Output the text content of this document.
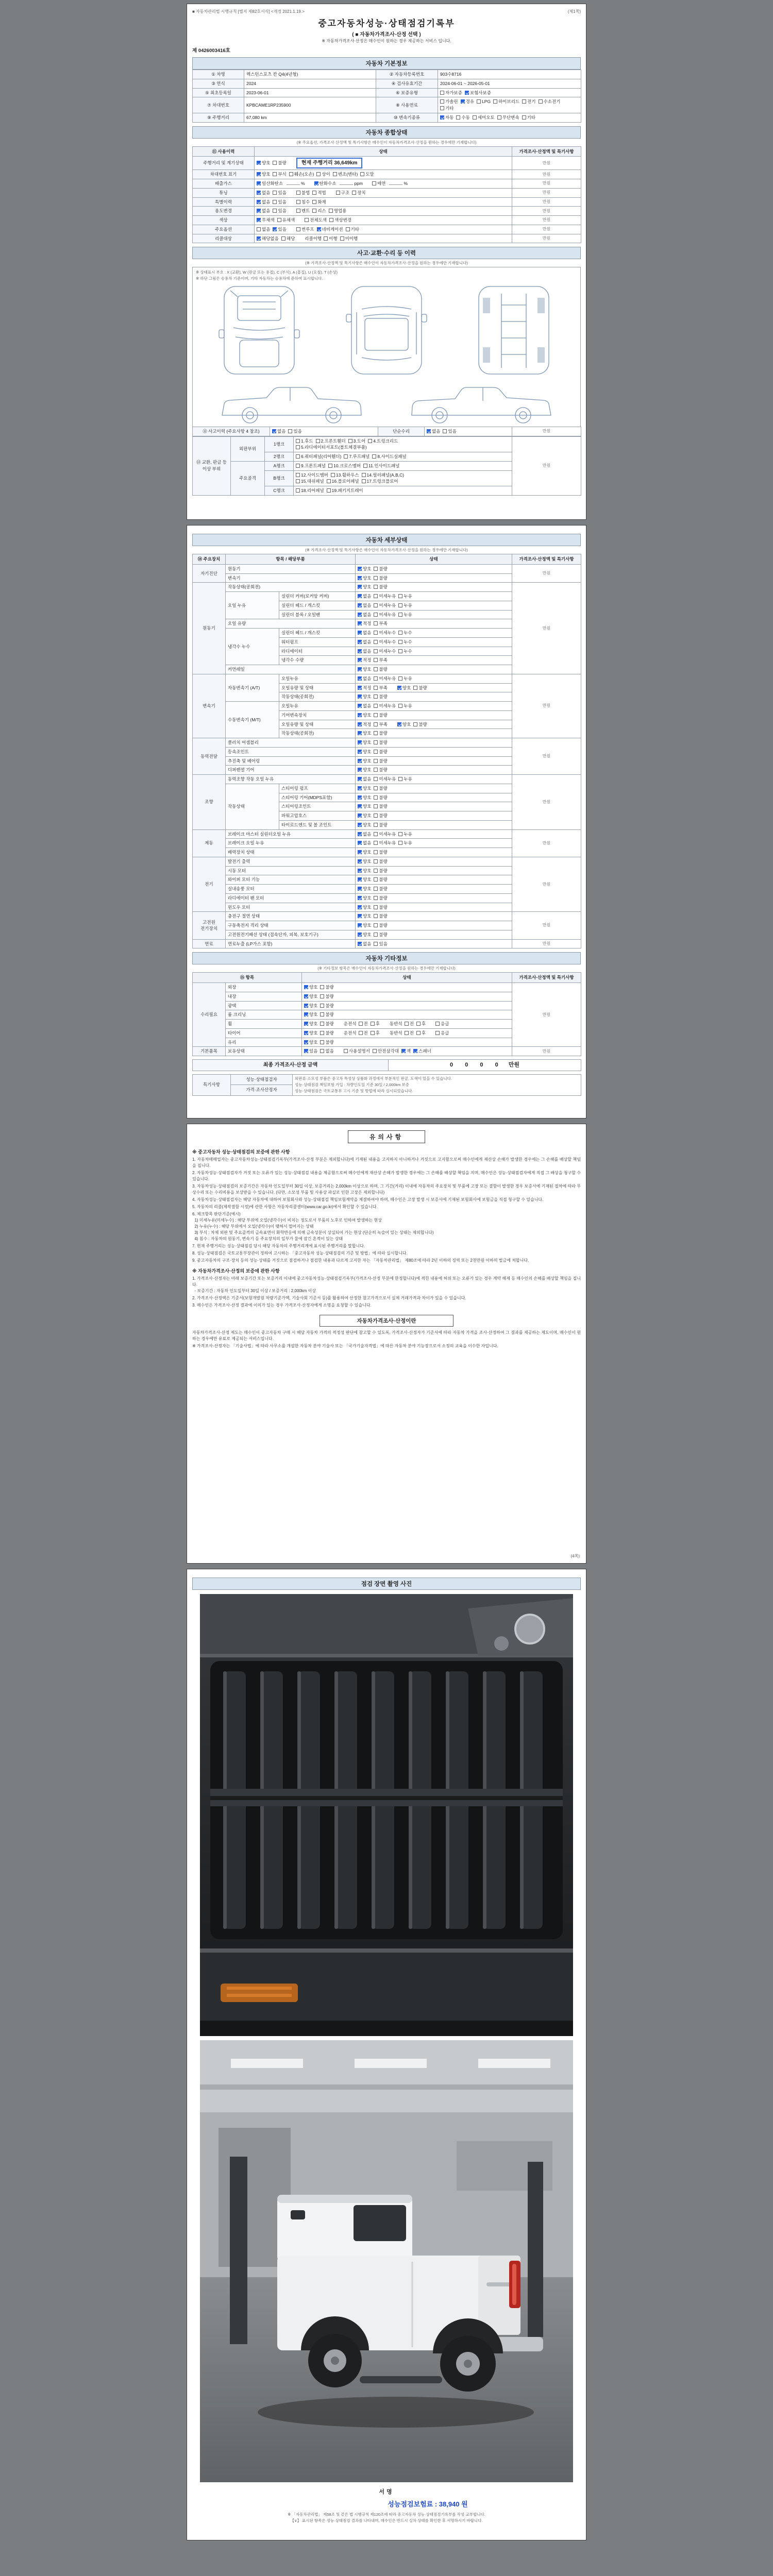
■ 자동차관리법 시행규칙 [별지 제82호서식] <개정 2021.1.19.>	(제1쪽)
중고자동차성능·상태점검기록부
( ■ 자동차가격조사·산정 선택 )
※ 자동차가격조사·산정은 매수인이 원하는 경우 제공하는 서비스 입니다.
제 0426003416호
자동차 기본정보
① 차명	렉스턴스포츠 칸 Q4(4년형)	② 자동차등록번호	903수8716
③ 연식	2024	④ 검사유효기간	2024-06-01 ~ 2026-05-01
⑤ 최초등록일	2023-06-01	⑥ 보증유형	자가보증 보험사보증
⑦ 차대번호	KPBCAME1RP235900	⑧ 사용연료	가솔린 경유 LPG 하이브리드 전기 수소전기기타
⑨ 주행거리	67,080 km	⑩ 변속기종류	자동 수동 세미오토 무단변속 기타
자동차 종합상태
(※ 주요옵션, 가격조사·산정액 및 특기사항은 매수인이 자동차가격조사·산정을 원하는 경우에만 기재합니다)
⑪ 사용이력	상태	가격조사·산정액 및 특기사항
주행거리 및 계기상태	양호 불량 현재 주행거리 36,649km	만원
차대번호 표기	양호 부식 훼손(오손) 상이 변조(변타) 도말	만원
배출가스	일산화탄소 % 탄화수소 ppm 매연 %	만원
튜닝	없음 있음 불법 적법 구조 장치	만원
특별이력	없음 있음 침수 화재	만원
용도변경	없음 있음 렌트 리스 영업용	만원
색상	무채색 유채색 전체도색 색상변경	만원
주요옵션	없음 있음 썬루프 네비게이션 기타	만원
리콜대상	해당없음 해당 리콜이행 이행 미이행	만원
사고·교환·수리 등 이력
(※ 가격조사·산정액 및 특기사항은 매수인이 자동차가격조사·산정을 원하는 경우에만 기재합니다)
※ 상태표시 부호 : X (교환), W (판금 또는 용접), C (부식), A (흠집), U (요철), T (손상)
※ 하단 그림은 승용차 기준이며, 기타 자동차는 승용차에 준하여 표시합니다.
⑫ 사고이력 (주요사항 4 참조)	없음 있음	단순수리	없음 있음	만원
⑬ 교환, 판금 등 이상 부위	외판부위	1랭크	1.후드 2.프론트휀더 3.도어 4.트렁크리드
5.라디에이터서포트(볼트체결부품)	만원
		2랭크	6.쿼터패널(리어휀더) 7.루프패널 8.사이드실패널	
	주요골격	A랭크	9.프론트패널 10.크로스멤버 11.인사이드패널	
		B랭크	12.사이드멤버 13.휠하우스 14.필러패널(A,B,C)
15.대쉬패널 16.플로어패널 17.트렁크플로어	
		C랭크	18.리어패널 19.패키지트레이	
자동차 세부상태
(※ 가격조사·산정액 및 특기사항은 매수인이 자동차가격조사·산정을 원하는 경우에만 기재합니다)
⑭ 주요장치	항목 / 해당부품		상태	가격조사·산정액 및 특기사항
자기진단	원동기		양호 불량	만원
	변속기		양호 불량	
원동기	작동상태(공회전)		양호 불량	만원
	오일 누유	실린더 커버(로커암 커버)	없음 미세누유 누유	
		실린더 헤드 / 개스킷	없음 미세누유 누유	
		실린더 블록 / 오일팬	없음 미세누유 누유	
	오일 유량		적정 부족	
	냉각수 누수	실린더 헤드 / 개스킷	없음 미세누수 누수	
		워터펌프	없음 미세누수 누수	
		라디에이터	없음 미세누수 누수	
		냉각수 수량	적정 부족	
	커먼레일		양호 불량	
변속기	자동변속기 (A/T)	오일누유	없음 미세누유 누유	만원
		오일유량 및 상태	적정 부족 양호 불량	
		작동상태(공회전)	양호 불량	
	수동변속기 (M/T)	오일누유	없음 미세누유 누유	
		기어변속장치	양호 불량	
		오일유량 및 상태	적정 부족 양호 불량	
		작동상태(공회전)	양호 불량	
동력전달	클러치 어셈블리		양호 불량	만원
	등속조인트		양호 불량	
	추진축 및 베어링		양호 불량	
	디퍼렌셜 기어		양호 불량	
조향	동력조향 작동 오일 누유		없음 미세누유 누유	만원
	작동상태	스티어링 펌프	양호 불량	
		스티어링 기어(MDPS포함)	양호 불량	
		스티어링조인트	양호 불량	
		파워고압호스	양호 불량	
		타이로드엔드 및 볼 조인트	양호 불량	
제동	브레이크 마스터 실린더오일 누유		없음 미세누유 누유	만원
	브레이크 오일 누유		없음 미세누유 누유	
	배력장치 상태		양호 불량	
전기	발전기 출력		양호 불량	만원
	시동 모터		양호 불량	
	와이퍼 모터 기능		양호 불량	
	실내송풍 모터		양호 불량	
	라디에이터 팬 모터		양호 불량	
	윈도우 모터		양호 불량	
고전원 전기장치	충전구 절연 상태		양호 불량	만원
	구동축전지 격리 상태		양호 불량	
	고전원전기배선 상태 (접속단자, 피복, 보호기구)		양호 불량	
연료	연료누출 (LP가스 포함)		없음 있음	만원
자동차 기타정보
(※ 기타정보 항목은 매수인이 자동차가격조사·산정을 원하는 경우에만 기재합니다)
⑮ 항목		상태	가격조사·산정액 및 특기사항
수리필요	외장	양호 불량	만원
	내장	양호 불량	
	광택	양호 불량	
	룸 크리닝	양호 불량	
	휠	양호 불량 운전석 전 후 동반석 전 후 응급	
	타이어	양호 불량 운전석 전 후 동반석 전 후 응급	
	유리	양호 불량	
기본품목	보유상태	있음 없음 사용설명서 안전삼각대 잭 스패너	만원
최종 가격조사·산정 금액	0 0 0 0 만원
특기사항	성능·상태점검자	외판류·소모성 부품은 중고차 특성상 상품화 과정에서 부분적인 판금, 도색이 있을 수 있습니다.
성능·상태점검 책임보험 가입 : 차량인도일 기준 30일 / 2,000km 보증
성능·상태점검은 국토교통부 고시 기준 및 방법에 따라 실시되었습니다.
가격·조사산정자
유의사항
※ 중고자동차 성능·상태점검의 보증에 관한 사항

1. 자동차매매업자는 중고자동차성능·상태점검기록부(가격조사·산정 부분은 제외합니다)에 기재된 내용을 고지하지 아니하거나 거짓으로 고지함으로써 매수인에게 재산상 손해가 발생한 경우에는 그 손해를 배상할 책임을 집니다.

2. 자동차성능·상태점검자가 거짓 또는 오류가 있는 성능·상태점검 내용을 제공함으로써 매수인에게 재산상 손해가 발생한 경우에는 그 손해를 배상할 책임을 지며, 매수인은 성능·상태점검자에게 직접 그 배상을 청구할 수 있습니다.

3. 자동차성능·상태점검의 보증기간은 자동차 인도일부터 30일 이상, 보증거리는 2,000km 이상으로 하며, 그 기간(거리) 이내에 자동차의 주요장치 및 부품에 고장 또는 결함이 발생한 경우 보증서에 기재된 절차에 따라 무상수리 또는 수리비용을 보상받을 수 있습니다. (다만, 소모성 부품 및 사용상 과실로 인한 고장은 제외합니다)

4. 자동차성능·상태점검자는 해당 자동차에 대하여 보험회사와 성능·상태점검 책임보험계약을 체결하여야 하며, 매수인은 고장 발생 시 보증서에 기재된 보험회사에 보험금을 직접 청구할 수 있습니다.

5. 자동차의 리콜(제작결함 시정)에 관한 사항은 자동차리콜센터(www.car.go.kr)에서 확인할 수 있습니다.

6. 체크항목 판단기준(예시)
1) 미세누유(미세누수) : 해당 부위에 오일(냉각수)이 비치는 정도로서 부품의 노후로 인하여 발생하는 현상
2) 누유(누수) : 해당 부위에서 오일(냉각수)이 맺혀서 떨어지는 상태
3) 부식 : 차체 외판 및 주요골격의 금속표면이 화학반응에 의해 금속성분이 상실되어 가는 현상 (단순히 녹슬어 있는 상태는 제외합니다)
4) 침수 : 자동차의 원동기, 변속기 등 주요장치의 일부가 물에 잠긴 흔적이 있는 상태

7. 현재 주행거리는 성능·상태점검 당시 해당 자동차의 주행거리계에 표시된 주행거리를 말합니다.

8. 성능·상태점검은 국토교통부장관이 정하여 고시하는 「중고자동차 성능·상태점검의 기준 및 방법」에 따라 실시합니다.

9. 중고자동차의 구조·장치 등의 성능·상태를 거짓으로 점검하거나 점검한 내용과 다르게 고지한 자는 「자동차관리법」 제80조에 따라 2년 이하의 징역 또는 2천만원 이하의 벌금에 처합니다.

※ 자동차가격조사·산정의 보증에 관한 사항

1. 가격조사·산정자는 아래 보증기간 또는 보증거리 이내에 중고자동차성능·상태점검기록부(가격조사·산정 부분에 한정합니다)에 적힌 내용에 허위 또는 오류가 있는 경우 계약 해제 등 매수인의 손해를 배상할 책임을 집니다.
- 보증기간 : 자동차 인도일부터 30일 이상 / 보증거리 : 2,000km 이상

2. 가격조사·산정액은 기준서(보험개발원 차량기준가액, 기술사회 기준서 등)를 활용하여 산정한 참고가격으로서 실제 거래가격과 차이가 있을 수 있습니다.

3. 매수인은 가격조사·산정 결과에 이의가 있는 경우 가격조사·산정자에게 소명을 요청할 수 있습니다.

자동차가격조사·산정이란

자동차가격조사·산정 제도는 매수인이 중고자동차 구매 시 해당 자동차 가격의 적정성 판단에 참고할 수 있도록, 가격조사·산정자가 기준서에 따라 자동차 가격을 조사·산정하여 그 결과를 제공하는 제도이며, 매수인이 원하는 경우에만 유료로 제공되는 서비스입니다.

※ 가격조사·산정자는 「기술사법」에 따라 사무소를 개설한 자동차 분야 기술사 또는 「국가기술자격법」에 따른 자동차 분야 기능장으로서 소정의 교육을 이수한 자입니다.

(4쪽)
점검 장면 촬영 사진
서명
성능점검보험료 : 38,940 원
※ 「자동차관리법」 제58조 및 같은 법 시행규칙 제120조에 따라 중고자동차 성능·상태점검기록부를 작성·교부합니다.
【∨】 표시된 항목은 성능·상태점검 결과를 나타내며, 매수인은 반드시 실차 상태를 확인한 후 서명하시기 바랍니다.
